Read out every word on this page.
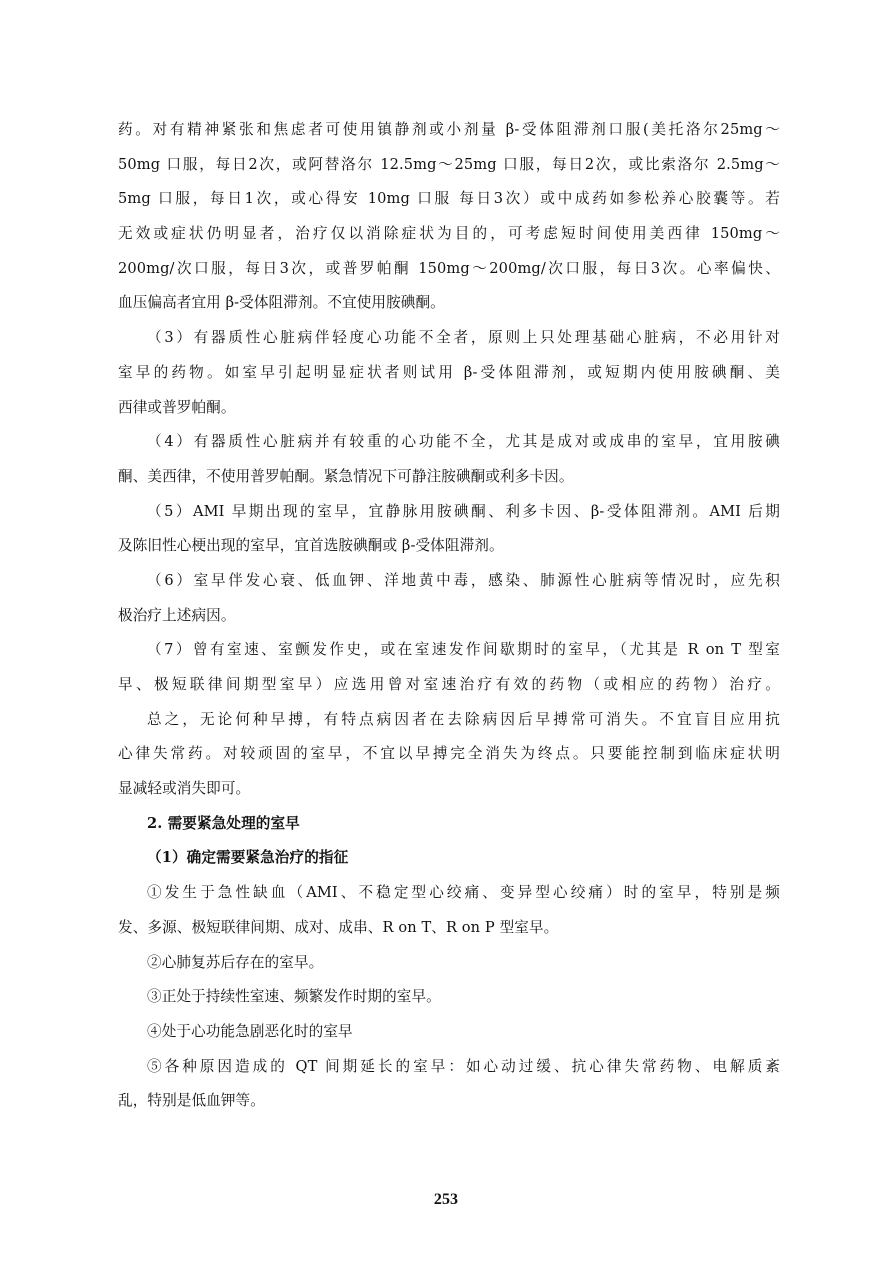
药。对有精神紧张和焦虑者可使用镇静剂或小剂量 β-受体阻滞剂口服(美托洛尔25mg～
50mg 口服，每日2次，或阿替洛尔 12.5mg～25mg 口服，每日2次，或比索洛尔 2.5mg～
5mg 口服，每日1次，或心得安 10mg 口服 每日3次）或中成药如参松养心胶囊等。若
无效或症状仍明显者，治疗仅以消除症状为目的，可考虑短时间使用美西律 150mg～
200mg/次口服，每日3次，或普罗帕酮 150mg～200mg/次口服，每日3次。心率偏快、
血压偏高者宜用 β-受体阻滞剂。不宜使用胺碘酮。
（3）有器质性心脏病伴轻度心功能不全者，原则上只处理基础心脏病，不必用针对
室早的药物。如室早引起明显症状者则试用 β-受体阻滞剂，或短期内使用胺碘酮、美
西律或普罗帕酮。
（4）有器质性心脏病并有较重的心功能不全，尤其是成对或成串的室早，宜用胺碘
酮、美西律，不使用普罗帕酮。紧急情况下可静注胺碘酮或利多卡因。
（5）AMI 早期出现的室早，宜静脉用胺碘酮、利多卡因、β-受体阻滞剂。AMI 后期
及陈旧性心梗出现的室早，宜首选胺碘酮或 β-受体阻滞剂。
（6）室早伴发心衰、低血钾、洋地黄中毒，感染、肺源性心脏病等情况时，应先积
极治疗上述病因。
（7）曾有室速、室颤发作史，或在室速发作间歇期时的室早，（尤其是 R on T 型室
早、极短联律间期型室早）应选用曾对室速治疗有效的药物（或相应的药物）治疗。
总之，无论何种早搏，有特点病因者在去除病因后早搏常可消失。不宜盲目应用抗
心律失常药。对较顽固的室早，不宜以早搏完全消失为终点。只要能控制到临床症状明
显减轻或消失即可。
2. 需要紧急处理的室早
（1）确定需要紧急治疗的指征
①发生于急性缺血（AMI、不稳定型心绞痛、变异型心绞痛）时的室早，特别是频
发、多源、极短联律间期、成对、成串、R on T、R on P 型室早。
②心肺复苏后存在的室早。
③正处于持续性室速、频繁发作时期的室早。
④处于心功能急剧恶化时的室早
⑤各种原因造成的 QT 间期延长的室早：如心动过缓、抗心律失常药物、电解质紊
乱，特别是低血钾等。
253
